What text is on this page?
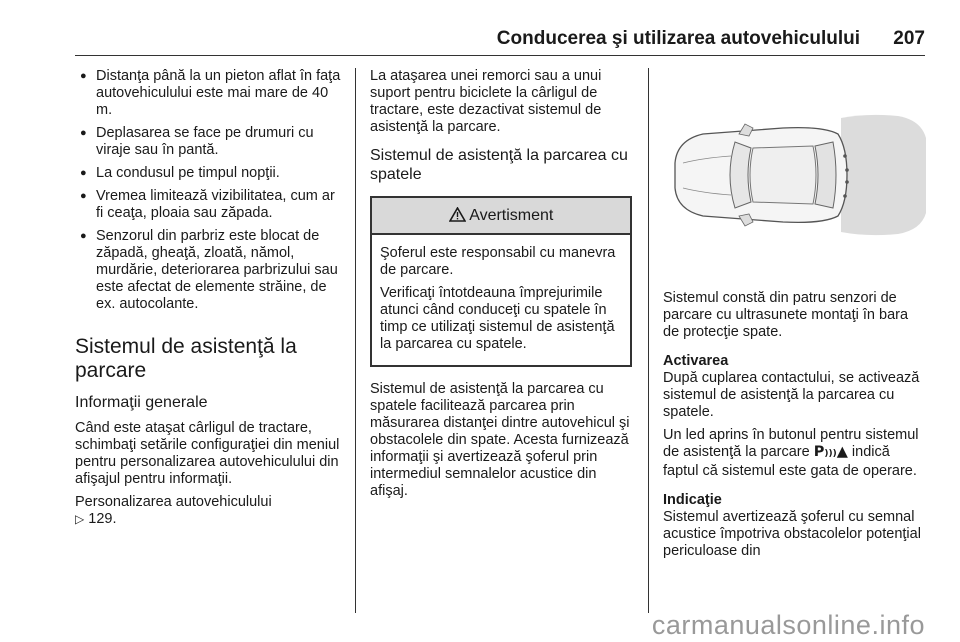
Conducerea şi utilizarea autovehiculului 207
● Distanţa până la un pieton aflat în faţa autovehiculului este mai mare de 40 m.
● Deplasarea se face pe drumuri cu viraje sau în pantă.
● La condusul pe timpul nopţii.
● Vremea limitează vizibilitatea, cum ar fi ceaţa, ploaia sau zăpada.
● Senzorul din parbriz este blocat de zăpadă, gheaţă, zloată, nămol, murdărie, deteriorarea parbrizului sau este afectat de elemente străine, de ex. autocolante.
Sistemul de asistenţă la parcare
Informaţii generale

Când este ataşat cârligul de tractare, schimbaţi setările configuraţiei din meniul pentru personalizarea autovehiculului din afişajul pentru informaţii.

Personalizarea autovehiculului
▷ 129.

La ataşarea unei remorci sau a unui suport pentru biciclete la cârligul de tractare, este dezactivat sistemul de asistenţă la parcare.

Sistemul de asistenţă la parcarea cu spatele
Avertisment

Şoferul este responsabil cu manevra de parcare.

Verificaţi întotdeauna împrejurimile atunci când conduceţi cu spatele în timp ce utilizaţi sistemul de asistenţă la parcarea cu spatele.

Sistemul de asistenţă la parcarea cu spatele facilitează parcarea prin măsurarea distanţei dintre autovehicul şi obstacolele din spate. Acesta furnizează informaţii şi avertizează şoferul prin intermediul semnalelor acustice din afişaj.

Sistemul constă din patru senzori de parcare cu ultrasunete montaţi în bara de protecţie spate.

Activarea

După cuplarea contactului, se activează sistemul de asistenţă la parcarea cu spatele.

Un led aprins în butonul pentru sistemul de asistenţă la parcare P)))▲ indică faptul că sistemul este gata de operare.

Indicaţie

Sistemul avertizează şoferul cu semnal acustice împotriva obstacolelor potenţial periculoase din

carmanualsonline.info
